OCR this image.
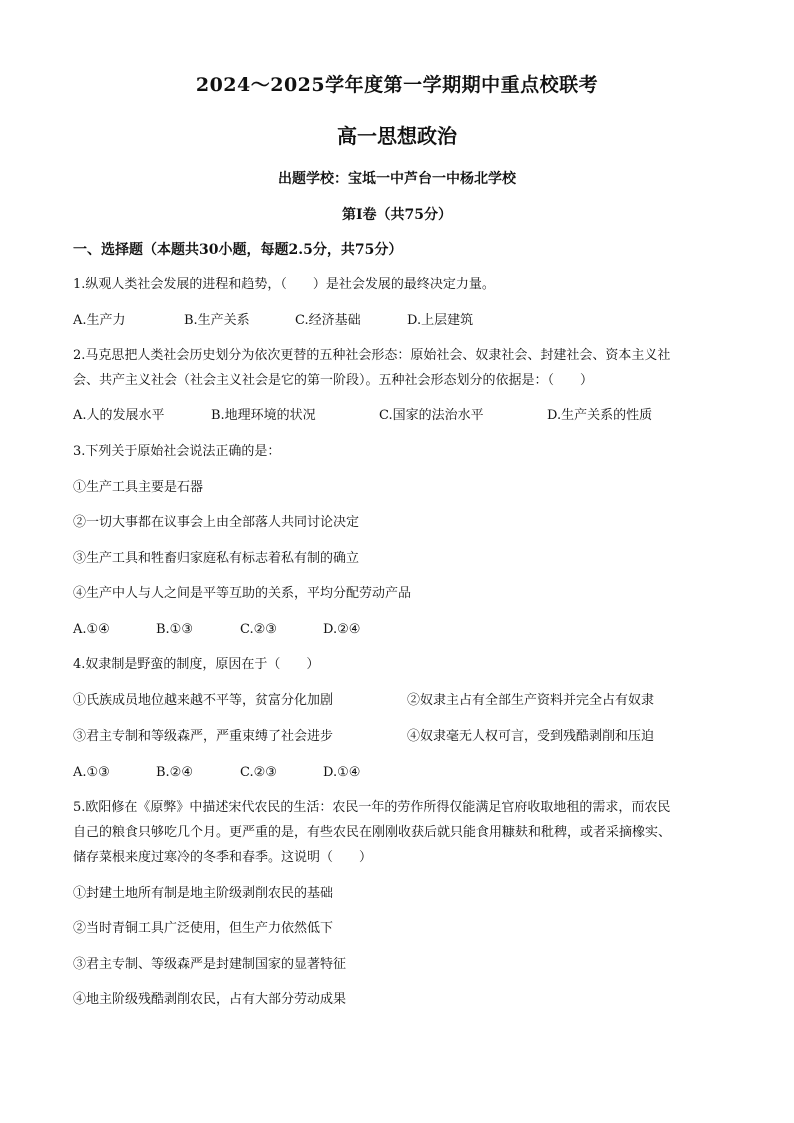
2024～2025学年度第一学期期中重点校联考
高一思想政治
出题学校：宝坻一中芦台一中杨北学校
第Ⅰ卷（共75分）
一、选择题（本题共30小题，每题2.5分，共75分）
1.纵观人类社会发展的进程和趋势，（　　）是社会发展的最终决定力量。
A.生产力	B.生产关系	C.经济基础	D.上层建筑
2.马克思把人类社会历史划分为依次更替的五种社会形态：原始社会、奴隶社会、封建社会、资本主义社
会、共产主义社会（社会主义社会是它的第一阶段）。五种社会形态划分的依据是：（　　）
A.人的发展水平	B.地理环境的状况	C.国家的法治水平	D.生产关系的性质
3.下列关于原始社会说法正确的是：
①生产工具主要是石器
②一切大事都在议事会上由全部落人共同讨论决定
③生产工具和牲畜归家庭私有标志着私有制的确立
④生产中人与人之间是平等互助的关系，平均分配劳动产品
A.①④	B.①③	C.②③	D.②④
4.奴隶制是野蛮的制度，原因在于（　　）
①氏族成员地位越来越不平等，贫富分化加剧	②奴隶主占有全部生产资料并完全占有奴隶
③君主专制和等级森严，严重束缚了社会进步	④奴隶毫无人权可言，受到残酷剥削和压迫
A.①③	B.②④	C.②③	D.①④
5.欧阳修在《原弊》中描述宋代农民的生活：农民一年的劳作所得仅能满足官府收取地租的需求，而农民
自己的粮食只够吃几个月。更严重的是，有些农民在刚刚收获后就只能食用糠麸和秕稗，或者采摘橡实、
储存菜根来度过寒冷的冬季和春季。这说明（　　）
①封建土地所有制是地主阶级剥削农民的基础
②当时青铜工具广泛使用，但生产力依然低下
③君主专制、等级森严是封建制国家的显著特征
④地主阶级残酷剥削农民，占有大部分劳动成果
